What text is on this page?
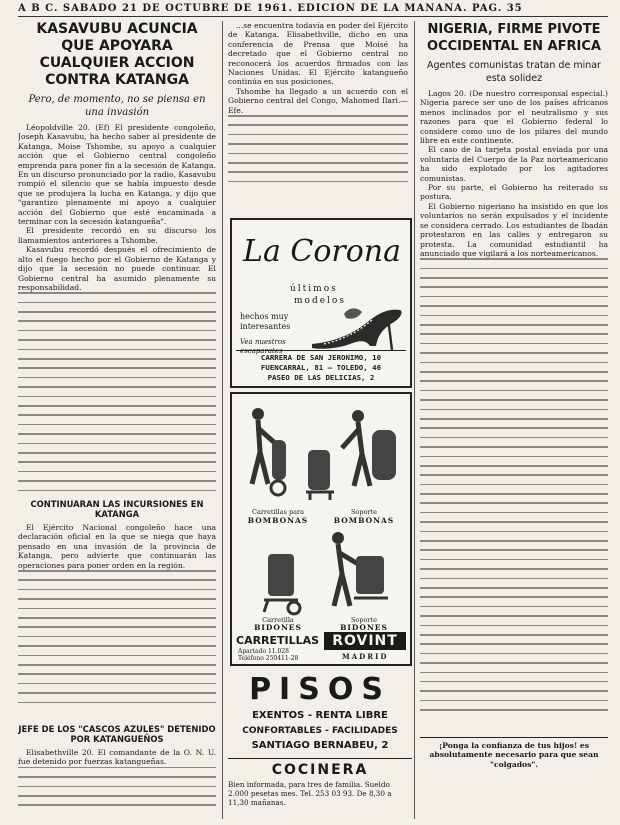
A B C. SABADO 21 DE OCTUBRE DE 1961. EDICION DE LA MAÑANA. PAG. 35
KASAVUBU ACUNCIA QUE APOYARA CUALQUIER ACCION CONTRA KATANGA
Pero, de momento, no se piensa en una invasión

Léopoldville 20. (Ef) El presidente congoleño, Joseph Kasavubu, ha hecho saber al presidente de Katanga, Moise Tshombe, su apoyo a cualquier acción que el Gobierno central congoleño emprenda para poner fin a la secesión de Katanga. En un discurso pronunciado por la radio, Kasavubu rompió el silencio que se había impuesto desde que se produjera la lucha en Katanga, y dijo que "garantizo plenamente mi apoyo a cualquier acción del Gobierno que esté encaminada a terminar con la secesión katangueña".

El presidente recordó en su discurso los llamamientos anteriores a Tshombe.

Kasavubu recordó después el ofrecimiento de alto el fuego hecho por el Gobierno de Katanga y dijo que la secesión no puede continuar. El Gobierno central ha asumido plenamente su responsabilidad.

CONTINUARAN LAS INCURSIONES EN KATANGA

El Ejército Nacional congoleño hace una declaración oficial en la que se niega que haya pensado en una invasión de la provincia de Katanga, pero advierte que continuarán las operaciones para poner orden en la región.

JEFE DE LOS "CASCOS AZULES" DETENIDO POR KATANGUEÑOS

Elisabethville 20. El comandante de la O. N. U. fue detenido por fuerzas katangueñas.

...se encuentra todavía en poder del Ejército de Katanga. Elisabethville, dicho en una conferencia de Prensa que Moisé ha decretado que el Gobierno central no reconocerá los acuerdos firmados con las Naciones Unidas. El Ejército katangueño continúa en sus posiciones.

Tshombe ha llegado a un acuerdo con el Gobierno central del Congo, Mahomed Ilari.—Efe.

La Corona
últimos
modelos
hechos muy interesantes
Vea nuestros escaparates
CARRERA DE SAN JERONIMO, 10
FUENCARRAL, 81 — TOLEDO, 46
PASEO DE LAS DELICIAS, 2
Carretillas para
BOMBONAS
Soporte
BOMBONAS
Carretilla
BIDONES
Soporte
BIDONES
CARRETILLAS ROVINT
Apartado 11.028
Teléfono 250411-28	MADRID
PISOS
EXENTOS - RENTA LIBRE
CONFORTABLES - FACILIDADES
SANTIAGO BERNABEU, 2
COCINERA
Bien informada, para tres de familia. Sueldo 2.000 pesetas mes. Tel. 253 03 93. De 8,30 a 11,30 mañanas.
NIGERIA, FIRME PIVOTE OCCIDENTAL EN AFRICA
Agentes comunistas tratan de minar esta solidez

Lagos 20. (De nuestro corresponsal especial.) Nigeria parece ser uno de los países africanos menos inclinados por el neutralismo y sus razones para que el Gobierno federal lo considere como uno de los pilares del mundo libre en este continente.

El caso de la tarjeta postal enviada por una voluntaria del Cuerpo de la Paz norteamericano ha sido explotado por los agitadores comunistas.

Por su parte, el Gobierno ha reiterado su postura.

El Gobierno nigeriano ha insistido en que los voluntarios no serán expulsados y el incidente se considera cerrado. Los estudiantes de Ibadán protestaron en las calles y entregaron su protesta. La comunidad estudiantil ha anunciado que vigilará a los norteamericanos.

¡Ponga la confianza de tus hijos! es absolutamente necesario para que sean "colgados".
